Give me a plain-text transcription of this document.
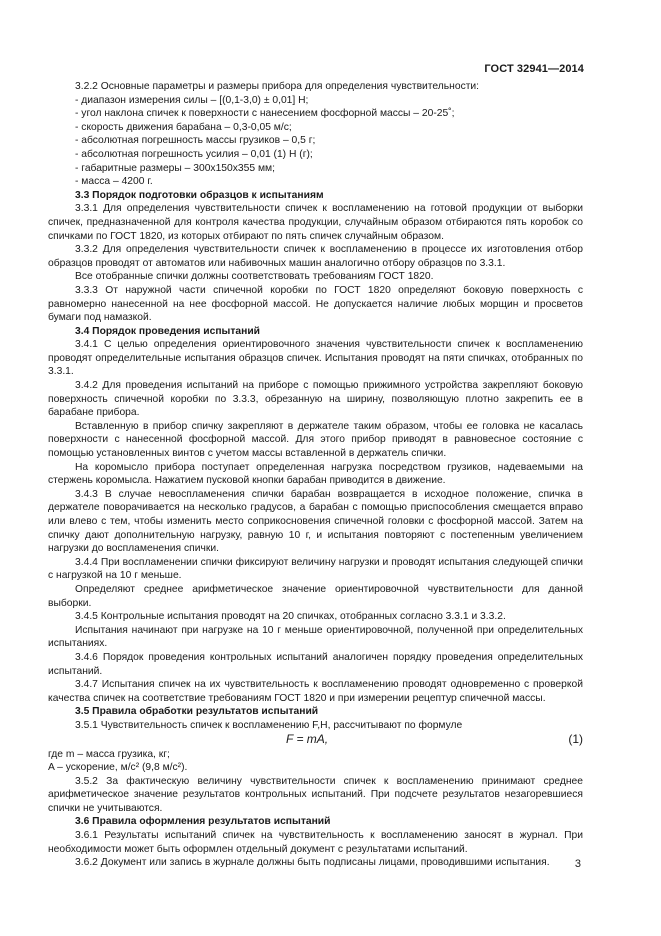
ГОСТ 32941—2014

3.2.2 Основные параметры и размеры прибора для определения чувствительности:

- диапазон измерения силы – [(0,1-3,0) ± 0,01] Н;

- угол наклона спичек к поверхности с нанесением фосфорной массы – 20-25˚;

- скорость движения барабана – 0,3-0,05 м/с;

- абсолютная погрешность массы грузиков – 0,5 г;

- абсолютная погрешность усилия – 0,01 (1) Н (г);

- габаритные размеры – 300х150х355 мм;

- масса – 4200 г.

3.3 Порядок подготовки образцов к испытаниям

3.3.1 Для определения чувствительности спичек к воспламенению на готовой продукции от выборки спичек, предназначенной для контроля качества продукции, случайным образом отбираются пять коробок со спичками по ГОСТ 1820, из которых отбирают по пять спичек случайным образом.

3.3.2 Для определения чувствительности спичек к воспламенению в процессе их изготовления отбор образцов проводят от автоматов или набивочных машин аналогично отбору образцов по 3.3.1.

Все отобранные спички должны соответствовать требованиям ГОСТ 1820.

3.3.3 От наружной части спичечной коробки по ГОСТ 1820 определяют боковую поверхность с равномерно нанесенной на нее фосфорной массой. Не допускается наличие любых морщин и просветов бумаги под намазкой.

3.4 Порядок проведения испытаний

3.4.1 С целью определения ориентировочного значения чувствительности спичек к воспламенению проводят определительные испытания образцов спичек. Испытания проводят на пяти спичках, отобранных по 3.3.1.

3.4.2 Для проведения испытаний на приборе с помощью прижимного устройства закрепляют боковую поверхность спичечной коробки по 3.3.3, обрезанную на ширину, позволяющую плотно закрепить ее в барабане прибора.

Вставленную в прибор спичку закрепляют в держателе таким образом, чтобы ее головка не касалась поверхности с нанесенной фосфорной массой. Для этого прибор приводят в равновесное состояние с помощью установленных винтов с учетом массы вставленной в держатель спички.

На коромысло прибора поступает определенная нагрузка посредством грузиков, надеваемыми на стержень коромысла. Нажатием пусковой кнопки барабан приводится в движение.

3.4.3 В случае невоспламенения спички барабан возвращается в исходное положение, спичка в держателе поворачивается на несколько градусов, а барабан с помощью приспособления смещается вправо или влево с тем, чтобы изменить место соприкосновения спичечной головки с фосфорной массой. Затем на спичку дают дополнительную нагрузку, равную 10 г, и испытания повторяют с постепенным увеличением нагрузки до воспламенения спички.

3.4.4 При воспламенении спички фиксируют величину нагрузки и проводят испытания следующей спички с нагрузкой на 10 г меньше.

Определяют среднее арифметическое значение ориентировочной чувствительности для данной выборки.

3.4.5 Контрольные испытания проводят на 20 спичках, отобранных согласно 3.3.1 и 3.3.2.

Испытания начинают при нагрузке на 10 г меньше ориентировочной, полученной при определительных испытаниях.

3.4.6 Порядок проведения контрольных испытаний аналогичен порядку проведения определительных испытаний.

3.4.7 Испытания спичек на их чувствительность к воспламенению проводят одновременно с проверкой качества спичек на соответствие требованиям ГОСТ 1820 и при измерении рецептур спичечной массы.

3.5 Правила обработки результатов испытаний

3.5.1 Чувствительность спичек к воспламенению F,Н, рассчитывают по формуле

F = mA,	(1)

где m – масса грузика, кг;

A – ускорение, м/с² (9,8 м/с²).

3.5.2 За фактическую величину чувствительности спичек к воспламенению принимают среднее арифметическое значение результатов контрольных испытаний. При подсчете результатов незагоревшиеся спички не учитываются.

3.6 Правила оформления результатов испытаний

3.6.1 Результаты испытаний спичек на чувствительность к воспламенению заносят в журнал. При необходимости может быть оформлен отдельный документ с результатами испытаний.

3.6.2 Документ или запись в журнале должны быть подписаны лицами, проводившими испытания.	3
